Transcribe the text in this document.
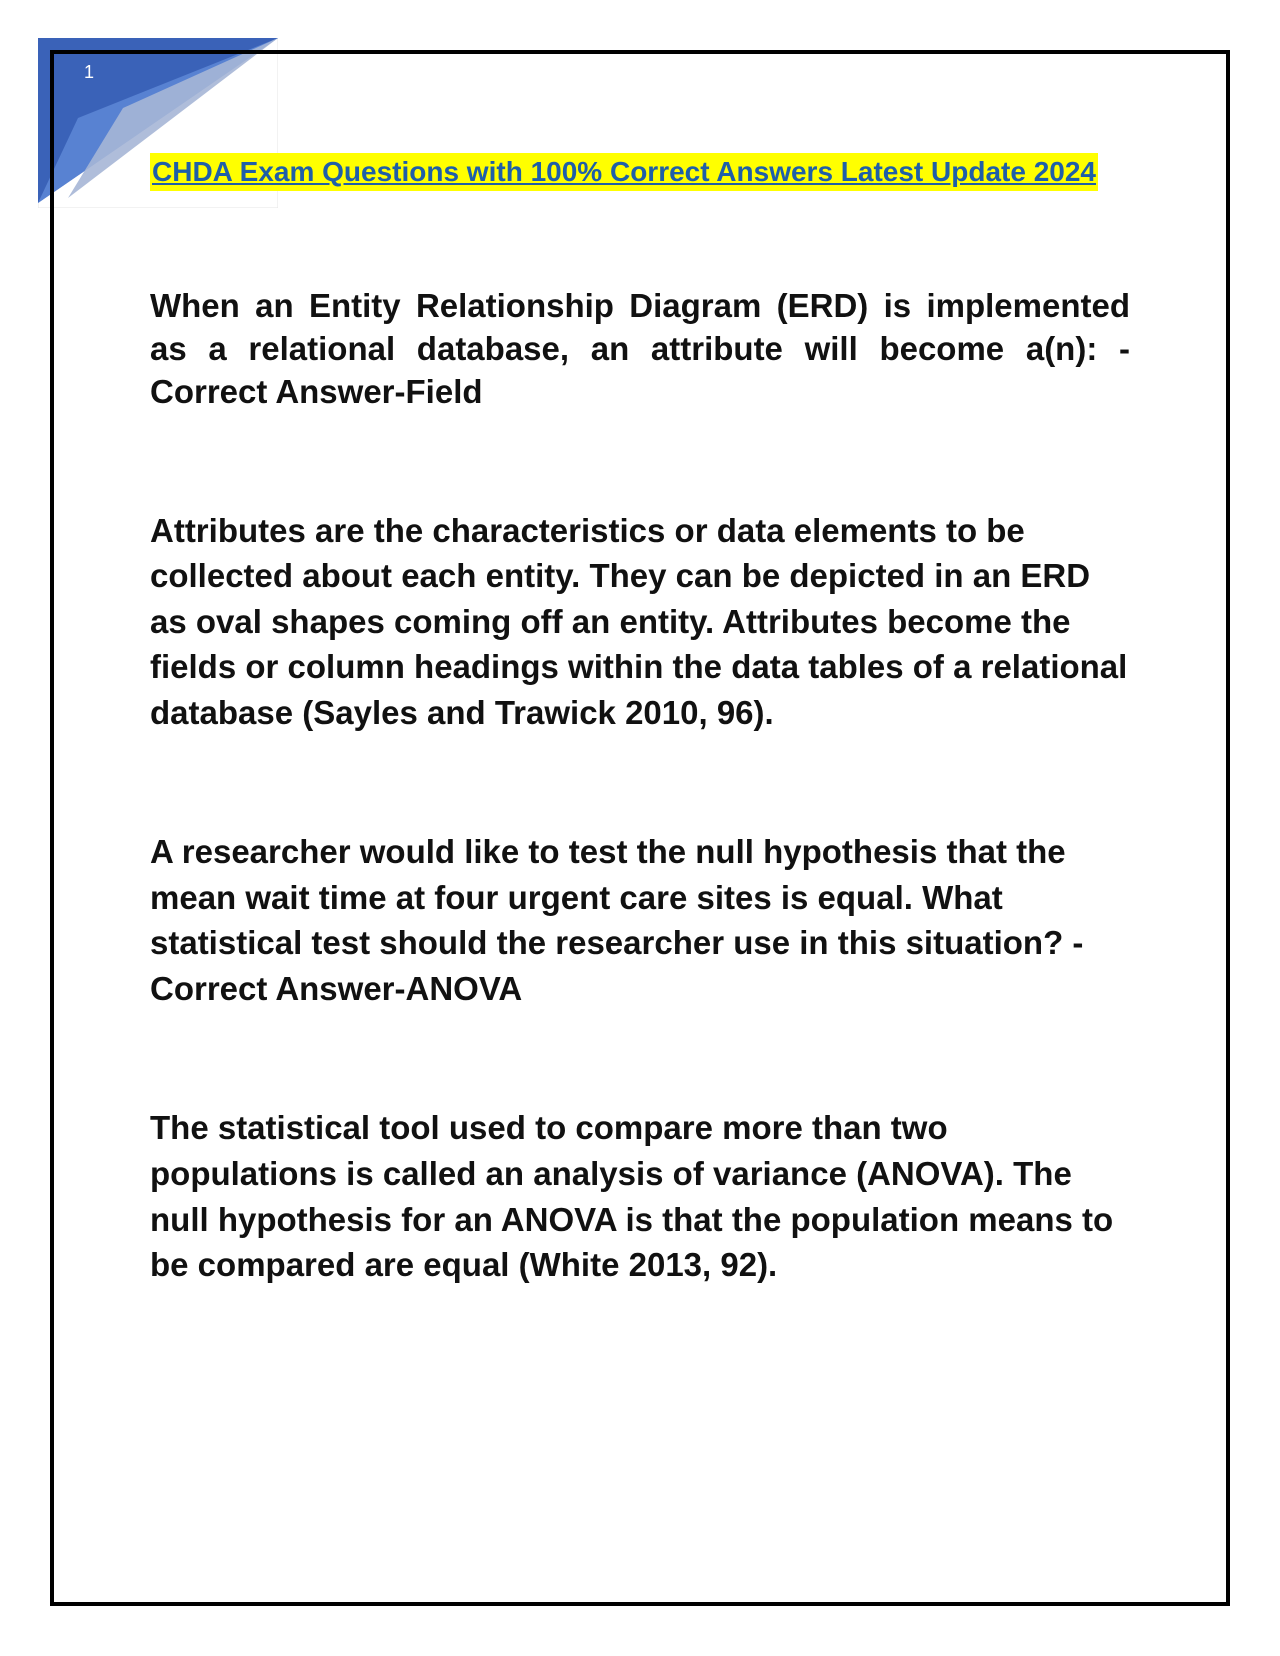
1
CHDA Exam Questions with 100% Correct Answers Latest Update 2024

When an Entity Relationship Diagram (ERD) is implemented as a relational database, an attribute will become a(n): - Correct Answer-Field

Attributes are the characteristics or data elements to be collected about each entity. They can be depicted in an ERD as oval shapes coming off an entity. Attributes become the fields or column headings within the data tables of a relational database (Sayles and Trawick 2010, 96).

A researcher would like to test the null hypothesis that the mean wait time at four urgent care sites is equal. What statistical test should the researcher use in this situation? - Correct Answer-ANOVA

The statistical tool used to compare more than two populations is called an analysis of variance (ANOVA). The null hypothesis for an ANOVA is that the population means to be compared are equal (White 2013, 92).
